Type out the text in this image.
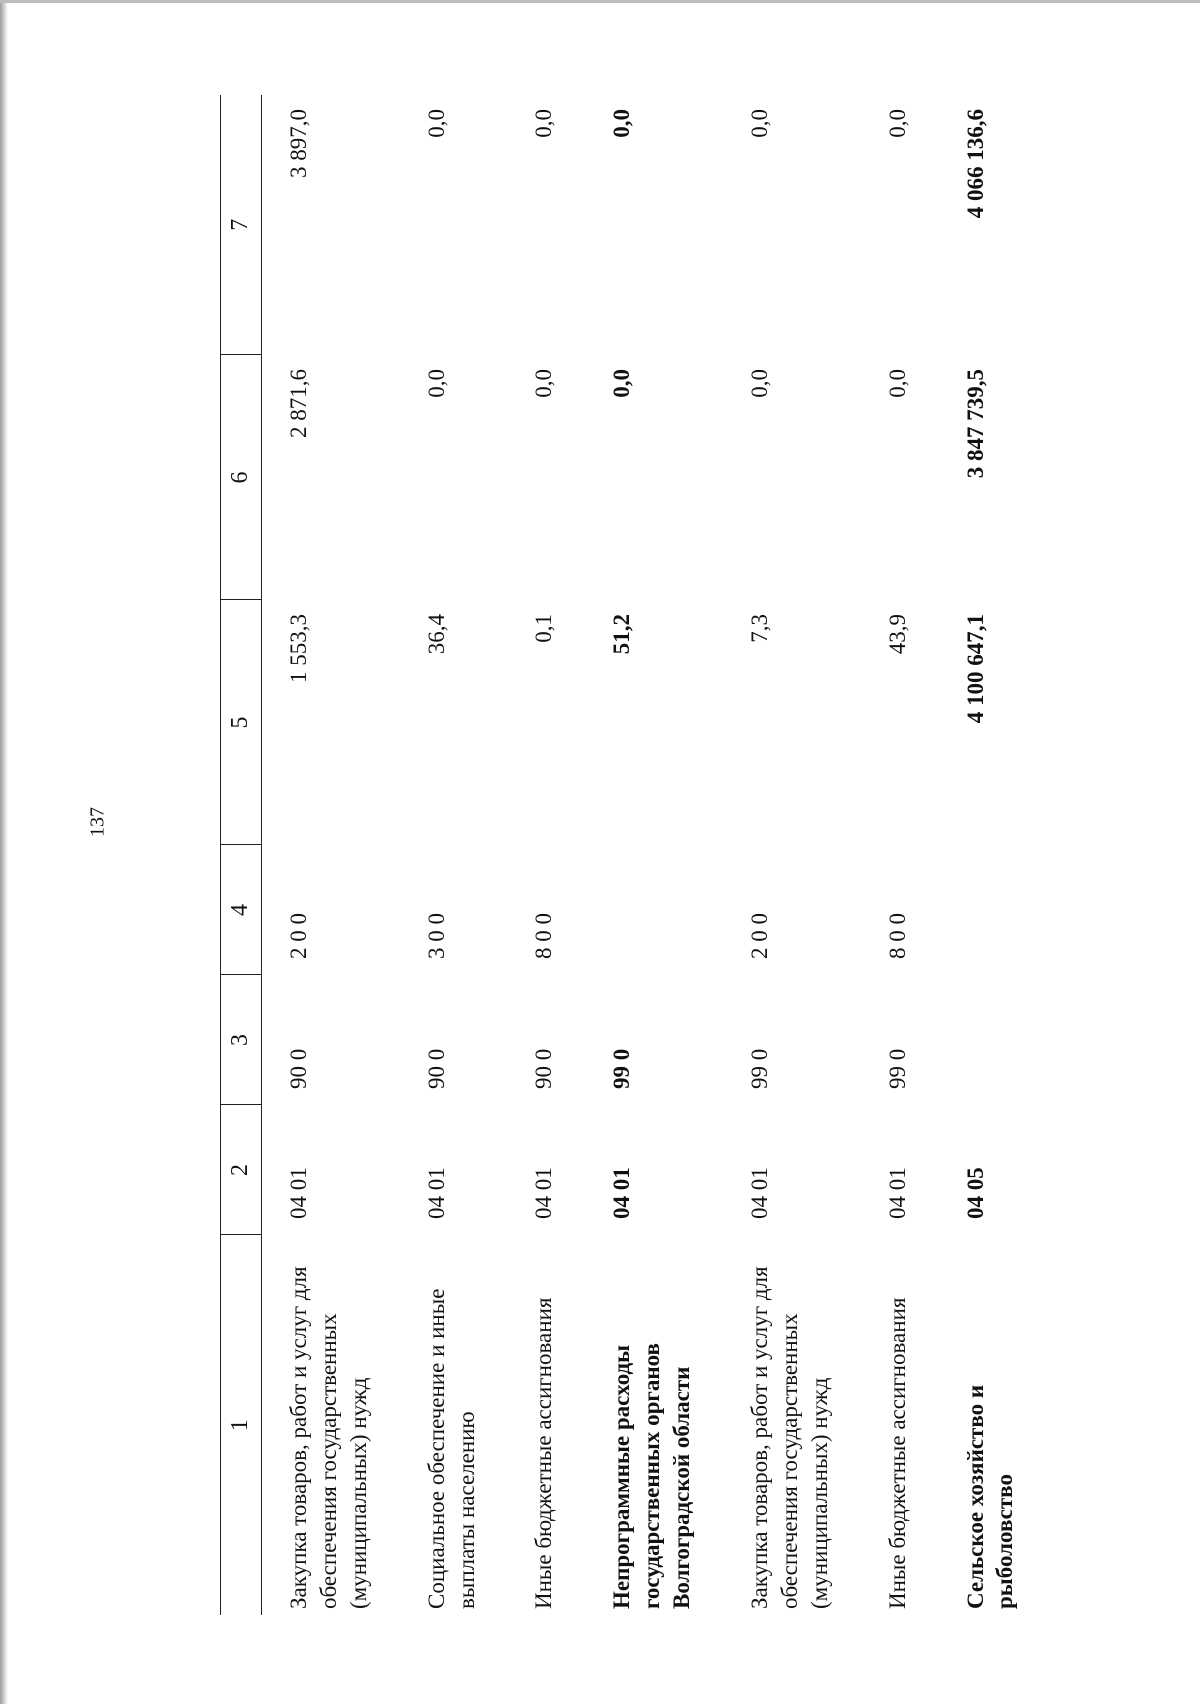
137
1	2	3	4	5	6	7
Закупка товаров, работ и услуг для обеспечения государственных (муниципальных) нужд	04 01	90 0	2 0 0	1 553,3	2 871,6	3 897,0
Социальное обеспечение и иные выплаты населению	04 01	90 0	3 0 0	36,4	0,0	0,0
Иные бюджетные ассигнования	04 01	90 0	8 0 0	0,1	0,0	0,0
Непрограммные расходы государственных органов Волгоградской области	04 01	99 0		51,2	0,0	0,0
Закупка товаров, работ и услуг для обеспечения государственных (муниципальных) нужд	04 01	99 0	2 0 0	7,3	0,0	0,0
Иные бюджетные ассигнования	04 01	99 0	8 0 0	43,9	0,0	0,0
Сельское хозяйство и рыболовство	04 05			4 100 647,1	3 847 739,5	4 066 136,6
